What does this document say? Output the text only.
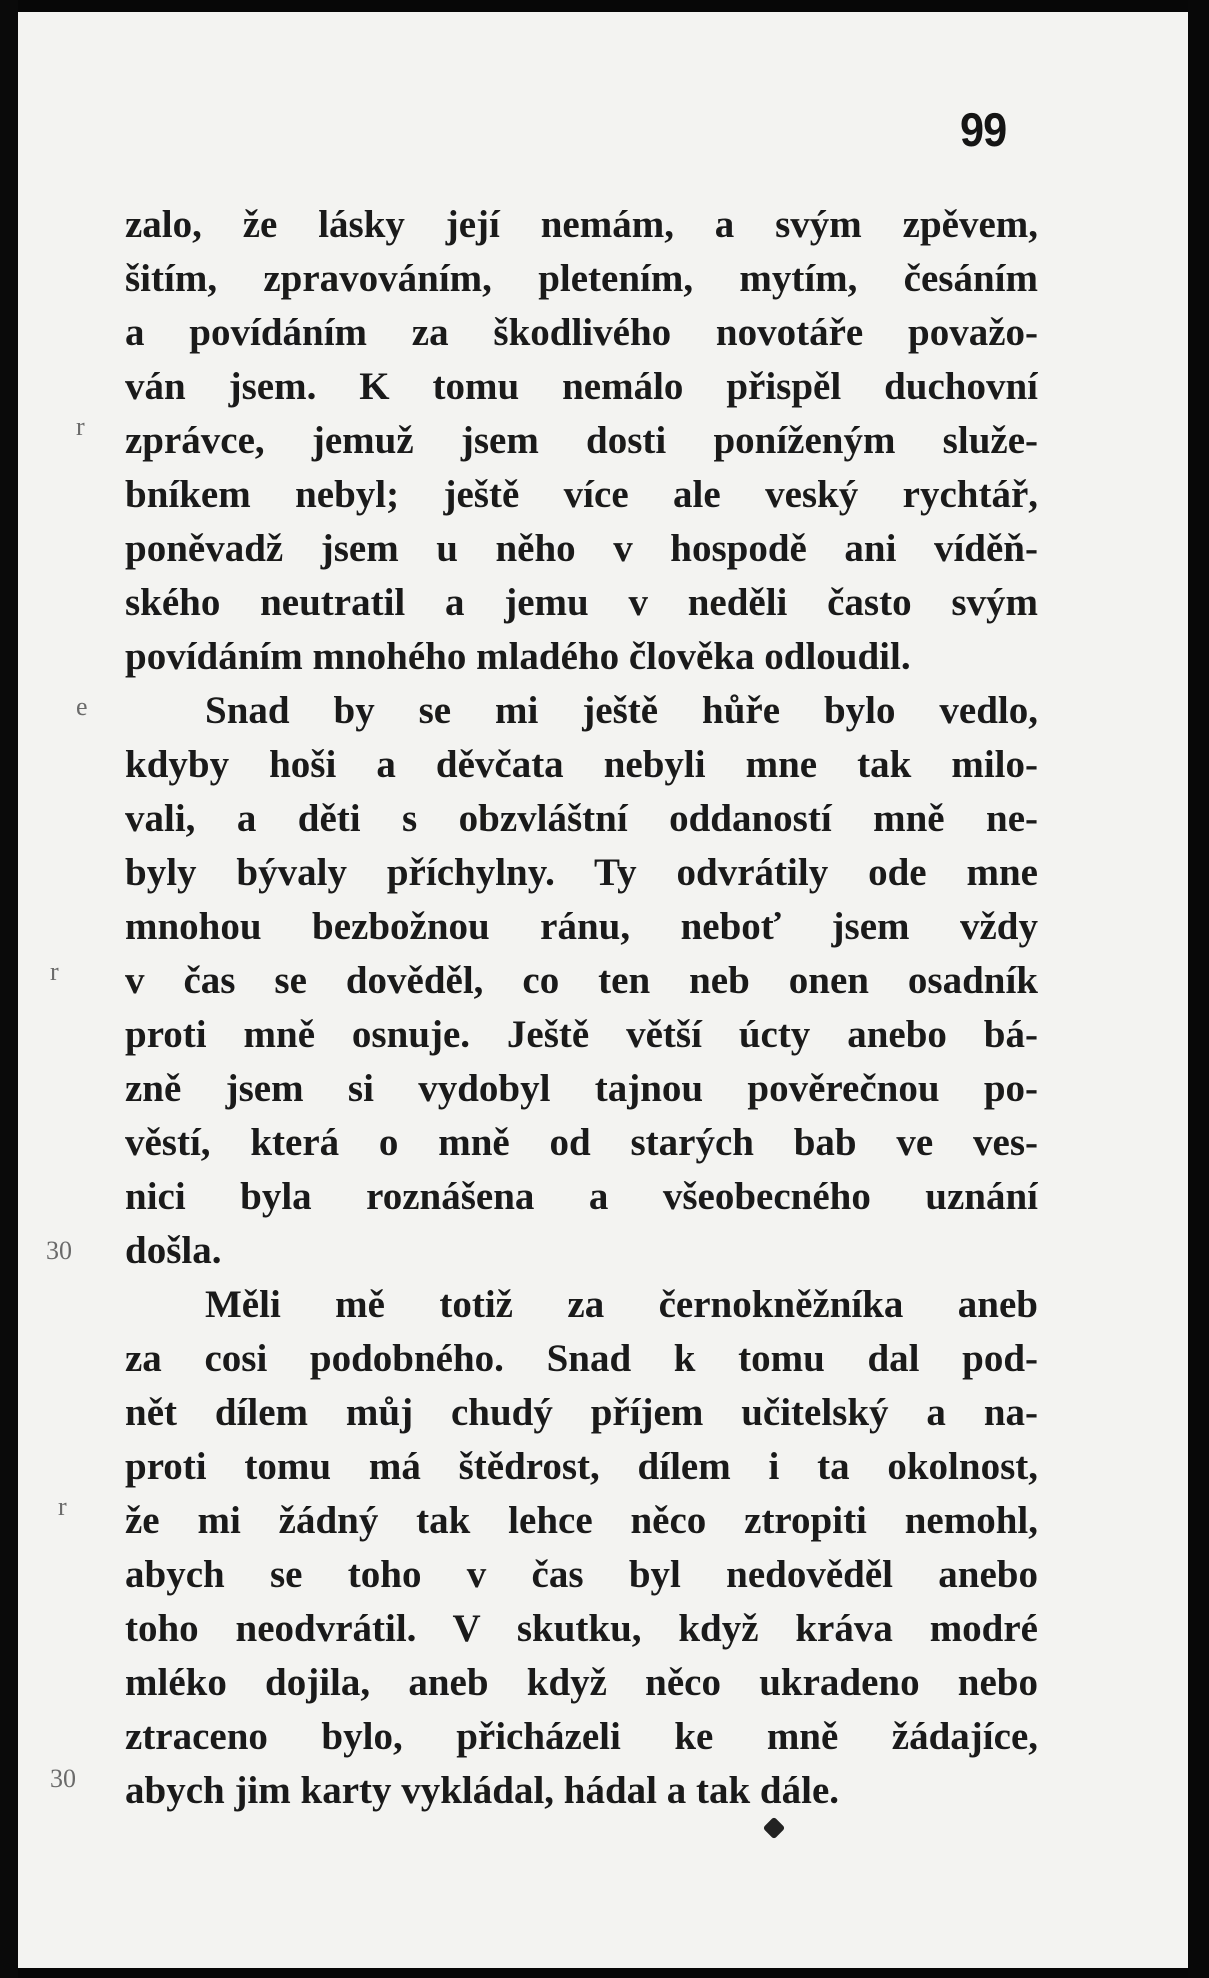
99
zalo, že lásky její nemám, a svým zpěvem,
šitím, zpravováním, pletením, mytím, česáním
a povídáním za škodlivého novotáře považo-
ván jsem. K tomu nemálo přispěl duchovní
zprávce, jemuž jsem dosti poníženým služe-
bníkem nebyl; ještě více ale veský rychtář,
poněvadž jsem u něho v hospodě ani víděň-
ského neutratil a jemu v neděli často svým
povídáním mnohého mladého člověka odloudil.
Snad by se mi ještě hůře bylo vedlo,
kdyby hoši a děvčata nebyli mne tak milo-
vali, a děti s obzvláštní oddaností mně ne-
byly bývaly příchylny. Ty odvrátily ode mne
mnohou bezbožnou ránu, neboť jsem vždy
v čas se dověděl, co ten neb onen osadník
proti mně osnuje. Ještě větší úcty anebo bá-
zně jsem si vydobyl tajnou pověrečnou po-
věstí, která o mně od starých bab ve ves-
nici byla roznášena a všeobecného uznání
došla.
Měli mě totiž za černokněžníka aneb
za cosi podobného. Snad k tomu dal pod-
nět dílem můj chudý příjem učitelský a na-
proti tomu má štědrost, dílem i ta okolnost,
že mi žádný tak lehce něco ztropiti nemohl,
abych se toho v čas byl nedověděl anebo
toho neodvrátil. V skutku, když kráva modré
mléko dojila, aneb když něco ukradeno nebo
ztraceno bylo, přicházeli ke mně žádajíce,
abych jim karty vykládal, hádal a tak dále.
r
e
r
30
r
30
